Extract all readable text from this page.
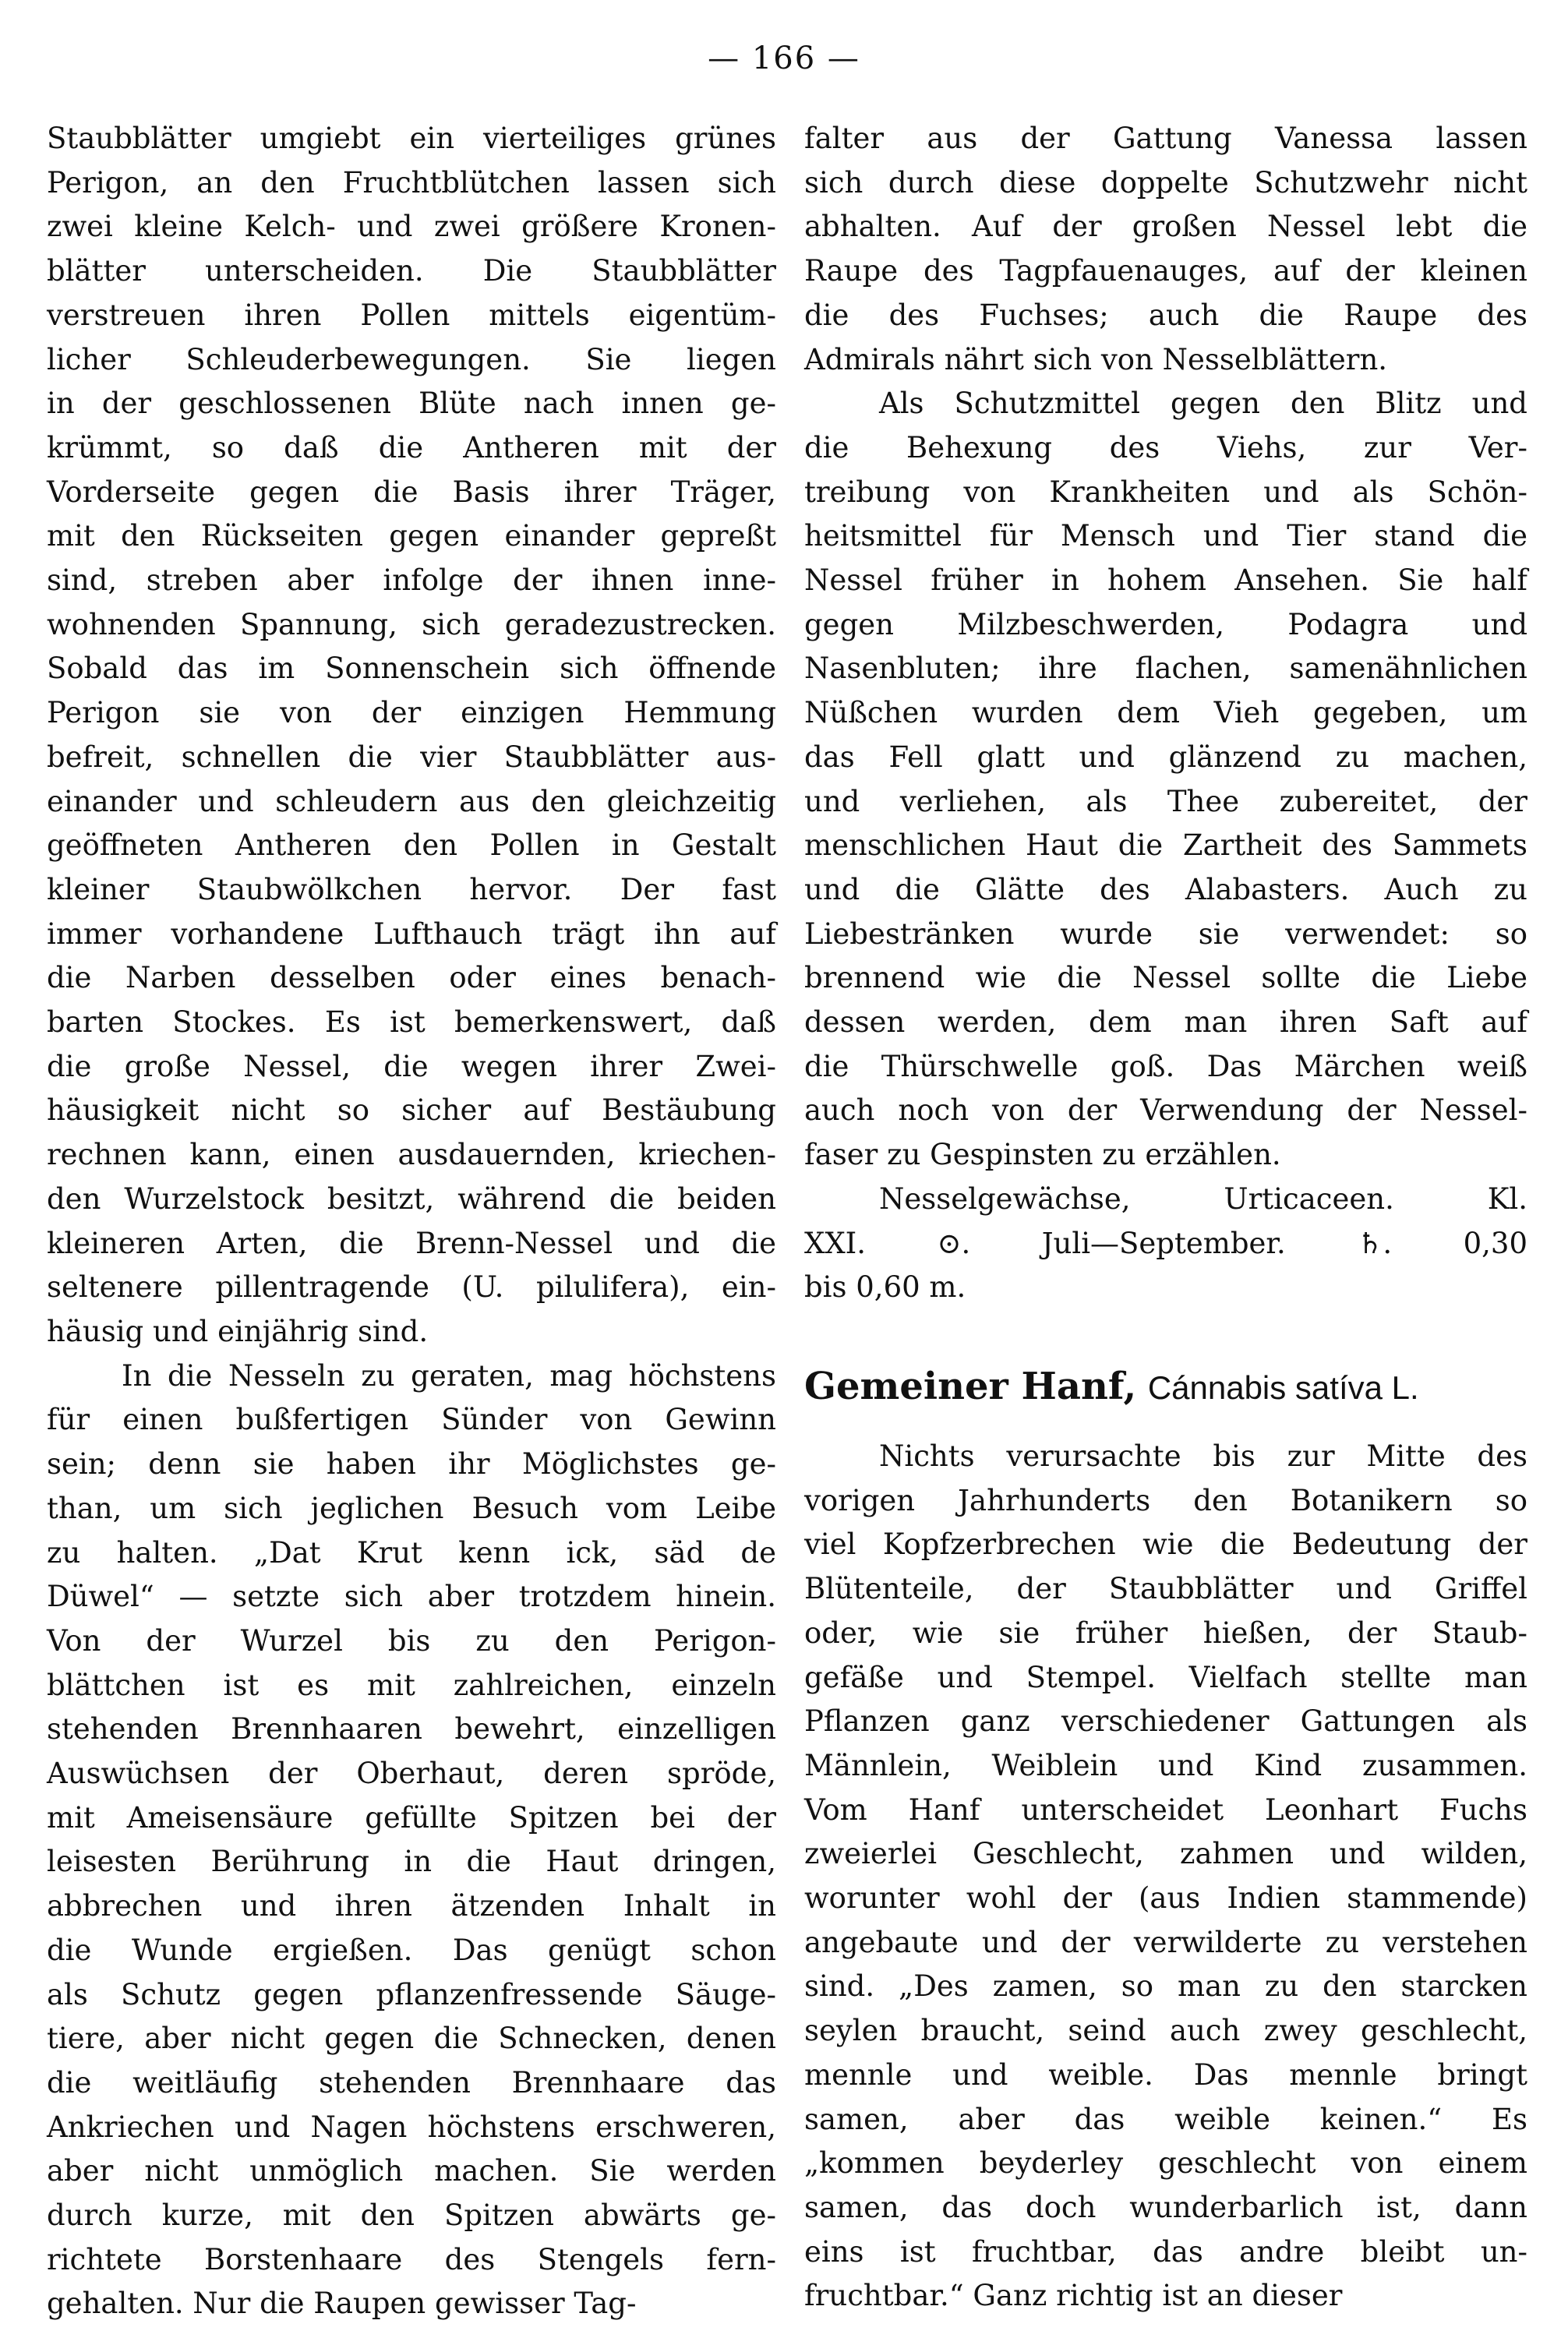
— 166 —
Staubblätter umgiebt ein vierteiliges grünes
Perigon, an den Fruchtblütchen lassen sich
zwei kleine Kelch- und zwei größere Kronen-
blätter unterscheiden. Die Staubblätter
verstreuen ihren Pollen mittels eigentüm-
licher Schleuderbewegungen. Sie liegen
in der geschlossenen Blüte nach innen ge-
krümmt, so daß die Antheren mit der
Vorderseite gegen die Basis ihrer Träger,
mit den Rückseiten gegen einander gepreßt
sind, streben aber infolge der ihnen inne-
wohnenden Spannung, sich geradezustrecken.
Sobald das im Sonnenschein sich öffnende
Perigon sie von der einzigen Hemmung
befreit, schnellen die vier Staubblätter aus-
einander und schleudern aus den gleichzeitig
geöffneten Antheren den Pollen in Gestalt
kleiner Staubwölkchen hervor. Der fast
immer vorhandene Lufthauch trägt ihn auf
die Narben desselben oder eines benach-
barten Stockes. Es ist bemerkenswert, daß
die große Nessel, die wegen ihrer Zwei-
häusigkeit nicht so sicher auf Bestäubung
rechnen kann, einen ausdauernden, kriechen-
den Wurzelstock besitzt, während die beiden
kleineren Arten, die Brenn-Nessel und die
seltenere pillentragende (U. pilulifera), ein-
häusig und einjährig sind.
In die Nesseln zu geraten, mag höchstens
für einen bußfertigen Sünder von Gewinn
sein; denn sie haben ihr Möglichstes ge-
than, um sich jeglichen Besuch vom Leibe
zu halten. „Dat Krut kenn ick, säd de
Düwel“ — setzte sich aber trotzdem hinein.
Von der Wurzel bis zu den Perigon-
blättchen ist es mit zahlreichen, einzeln
stehenden Brennhaaren bewehrt, einzelligen
Auswüchsen der Oberhaut, deren spröde,
mit Ameisensäure gefüllte Spitzen bei der
leisesten Berührung in die Haut dringen,
abbrechen und ihren ätzenden Inhalt in
die Wunde ergießen. Das genügt schon
als Schutz gegen pflanzenfressende Säuge-
tiere, aber nicht gegen die Schnecken, denen
die weitläufig stehenden Brennhaare das
Ankriechen und Nagen höchstens erschweren,
aber nicht unmöglich machen. Sie werden
durch kurze, mit den Spitzen abwärts ge-
richtete Borstenhaare des Stengels fern-
gehalten. Nur die Raupen gewisser Tag-
falter aus der Gattung Vanessa lassen
sich durch diese doppelte Schutzwehr nicht
abhalten. Auf der großen Nessel lebt die
Raupe des Tagpfauenauges, auf der kleinen
die des Fuchses; auch die Raupe des
Admirals nährt sich von Nesselblättern.
Als Schutzmittel gegen den Blitz und
die Behexung des Viehs, zur Ver-
treibung von Krankheiten und als Schön-
heitsmittel für Mensch und Tier stand die
Nessel früher in hohem Ansehen. Sie half
gegen Milzbeschwerden, Podagra und
Nasenbluten; ihre flachen, samenähnlichen
Nüßchen wurden dem Vieh gegeben, um
das Fell glatt und glänzend zu machen,
und verliehen, als Thee zubereitet, der
menschlichen Haut die Zartheit des Sammets
und die Glätte des Alabasters. Auch zu
Liebestränken wurde sie verwendet: so
brennend wie die Nessel sollte die Liebe
dessen werden, dem man ihren Saft auf
die Thürschwelle goß. Das Märchen weiß
auch noch von der Verwendung der Nessel-
faser zu Gespinsten zu erzählen.
Nesselgewächse, Urticaceen. Kl.
XXI. ⊙. Juli—September. ♄. 0,30
bis 0,60 m.
Gemeiner Hanf, Cánnabis satíva L.
Nichts verursachte bis zur Mitte des
vorigen Jahrhunderts den Botanikern so
viel Kopfzerbrechen wie die Bedeutung der
Blütenteile, der Staubblätter und Griffel
oder, wie sie früher hießen, der Staub-
gefäße und Stempel. Vielfach stellte man
Pflanzen ganz verschiedener Gattungen als
Männlein, Weiblein und Kind zusammen.
Vom Hanf unterscheidet Leonhart Fuchs
zweierlei Geschlecht, zahmen und wilden,
worunter wohl der (aus Indien stammende)
angebaute und der verwilderte zu verstehen
sind. „Des zamen, so man zu den starcken
seylen braucht, seind auch zwey geschlecht,
mennle und weible. Das mennle bringt
samen, aber das weible keinen.“ Es
„kommen beyderley geschlecht von einem
samen, das doch wunderbarlich ist, dann
eins ist fruchtbar, das andre bleibt un-
fruchtbar.“ Ganz richtig ist an dieser
